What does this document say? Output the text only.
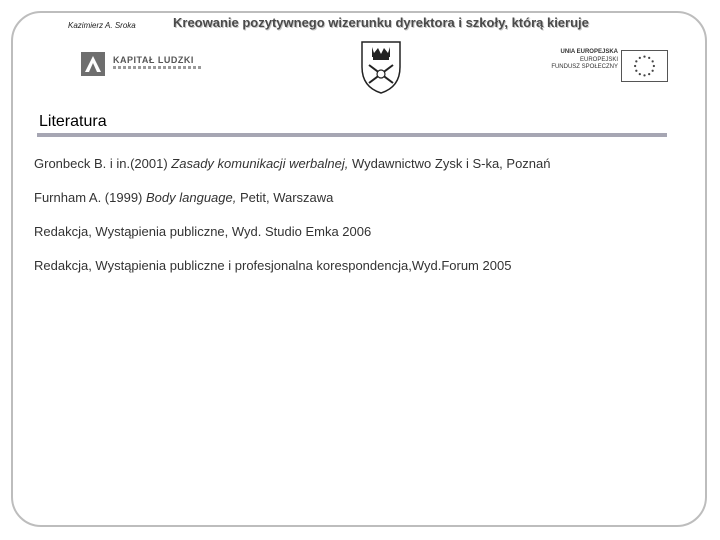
Kazimierz A. Sroka	Kreowanie pozytywnego wizerunku dyrektora i szkoły, którą kieruje
KAPITAŁ LUDZKI
UNIA EUROPEJSKA
EUROPEJSKI
FUNDUSZ SPOŁECZNY
Literatura
Gronbeck B. i in.(2001) Zasady komunikacji werbalnej, Wydawnictwo Zysk i S-ka, Poznań
Furnham A. (1999) Body language, Petit, Warszawa
Redakcja, Wystąpienia publiczne, Wyd. Studio Emka 2006
Redakcja, Wystąpienia publiczne i profesjonalna korespondencja,Wyd.Forum 2005
